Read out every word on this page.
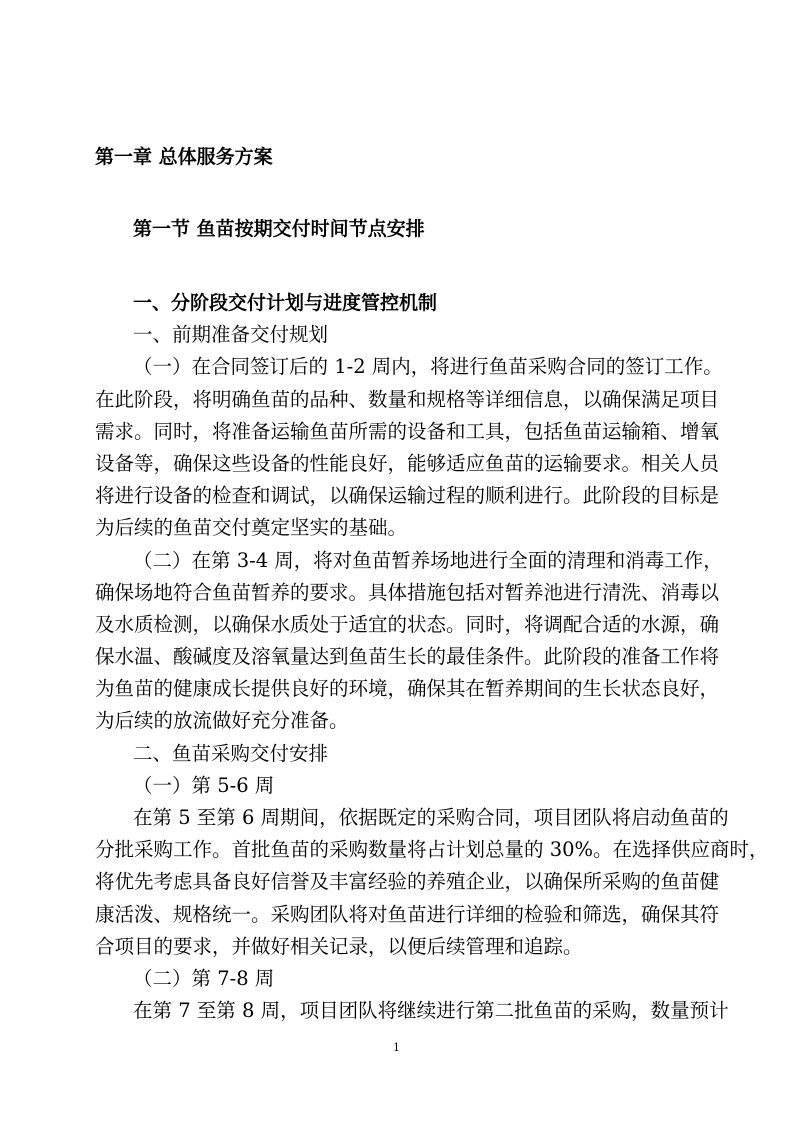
第一章 总体服务方案
第一节 鱼苗按期交付时间节点安排
一、分阶段交付计划与进度管控机制
一、前期准备交付规划
（一）在合同签订后的 1-2 周内，将进行鱼苗采购合同的签订工作。
在此阶段，将明确鱼苗的品种、数量和规格等详细信息，以确保满足项目
需求。同时，将准备运输鱼苗所需的设备和工具，包括鱼苗运输箱、增氧
设备等，确保这些设备的性能良好，能够适应鱼苗的运输要求。相关人员
将进行设备的检查和调试，以确保运输过程的顺利进行。此阶段的目标是
为后续的鱼苗交付奠定坚实的基础。
（二）在第 3-4 周，将对鱼苗暂养场地进行全面的清理和消毒工作，
确保场地符合鱼苗暂养的要求。具体措施包括对暂养池进行清洗、消毒以
及水质检测，以确保水质处于适宜的状态。同时，将调配合适的水源，确
保水温、酸碱度及溶氧量达到鱼苗生长的最佳条件。此阶段的准备工作将
为鱼苗的健康成长提供良好的环境，确保其在暂养期间的生长状态良好，
为后续的放流做好充分准备。
二、鱼苗采购交付安排
（一）第 5-6 周
在第 5 至第 6 周期间，依据既定的采购合同，项目团队将启动鱼苗的
分批采购工作。首批鱼苗的采购数量将占计划总量的 30%。在选择供应商时，
将优先考虑具备良好信誉及丰富经验的养殖企业，以确保所采购的鱼苗健
康活泼、规格统一。采购团队将对鱼苗进行详细的检验和筛选，确保其符
合项目的要求，并做好相关记录，以便后续管理和追踪。
（二）第 7-8 周
在第 7 至第 8 周，项目团队将继续进行第二批鱼苗的采购，数量预计
1
